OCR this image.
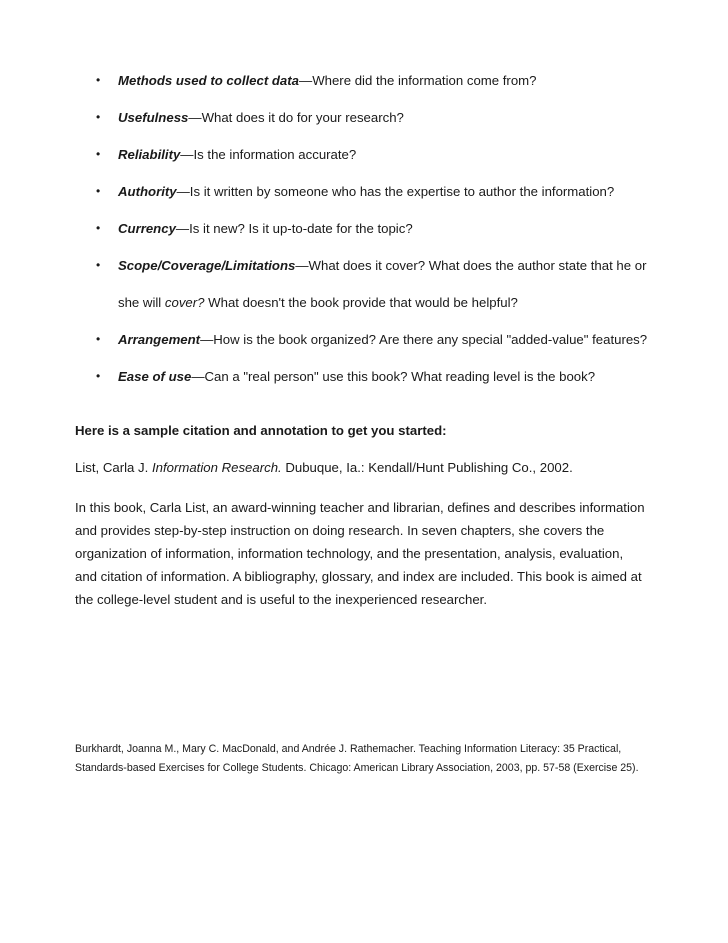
• Methods used to collect data—Where did the information come from?
• Usefulness—What does it do for your research?
• Reliability—Is the information accurate?
• Authority—Is it written by someone who has the expertise to author the information?
• Currency—Is it new? Is it up-to-date for the topic?
• Scope/Coverage/Limitations—What does it cover? What does the author state that he or
she will cover? What doesn't the book provide that would be helpful?
• Arrangement—How is the book organized? Are there any special "added-value" features?
• Ease of use—Can a "real person" use this book? What reading level is the book?
Here is a sample citation and annotation to get you started:
List, Carla J. Information Research. Dubuque, Ia.: Kendall/Hunt Publishing Co., 2002.
In this book, Carla List, an award-winning teacher and librarian, defines and describes information
and provides step-by-step instruction on doing research. In seven chapters, she covers the
organization of information, information technology, and the presentation, analysis, evaluation,
and citation of information. A bibliography, glossary, and index are included. This book is aimed at
the college-level student and is useful to the inexperienced researcher.
Burkhardt, Joanna M., Mary C. MacDonald, and Andrée J. Rathemacher. Teaching Information Literacy: 35 Practical,
Standards-based Exercises for College Students. Chicago: American Library Association, 2003, pp. 57-58 (Exercise 25).
